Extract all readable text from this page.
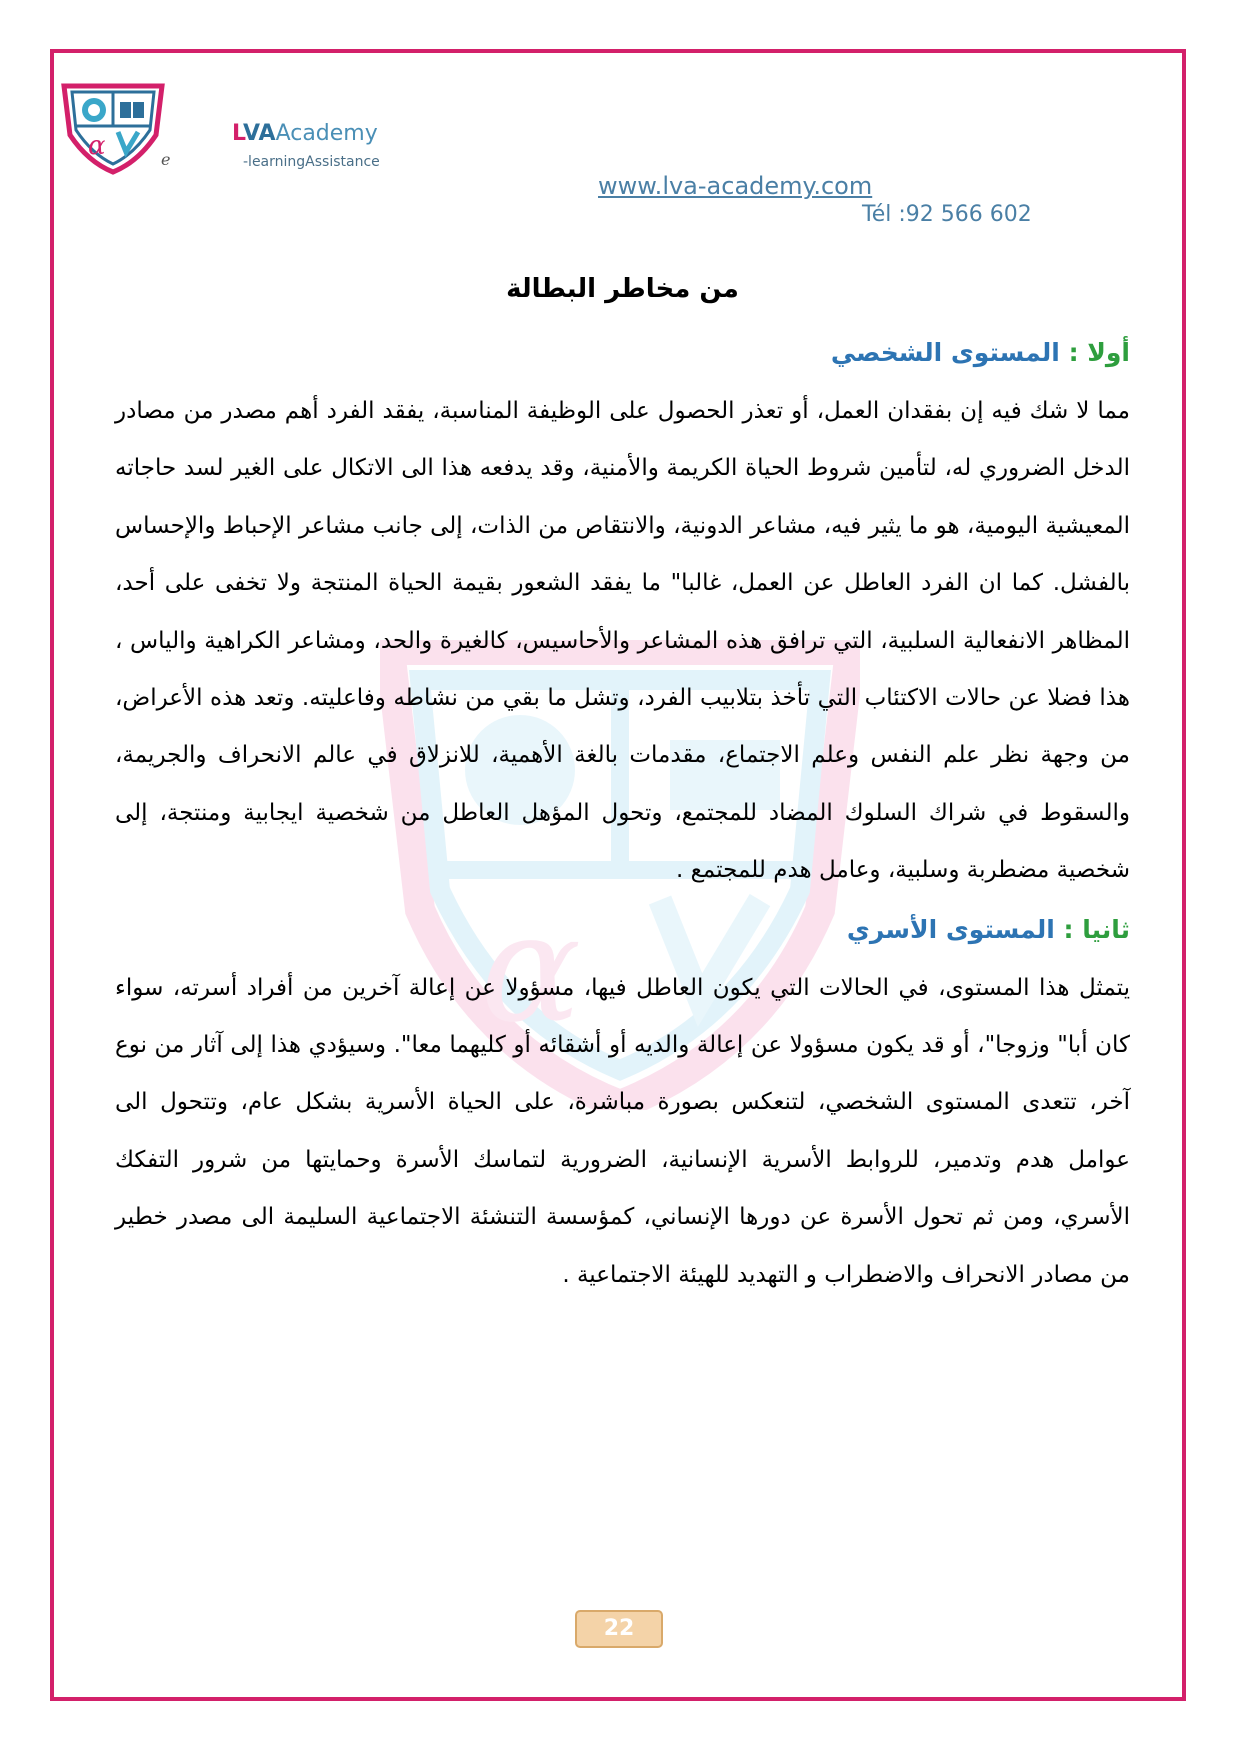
α	e
LVAAcademy
-learningAssistance
www.lva-academy.com
Tél :92 566 602
α
من مخاطر البطالة
أولا : المستوى الشخصي

مما لا شك فيه إن بفقدان العمل، أو تعذر الحصول على الوظيفة المناسبة، يفقد الفرد أهم مصدر من مصادر الدخل الضروري له، لتأمين شروط الحياة الكريمة والأمنية، وقد يدفعه هذا الى الاتكال على الغير لسد حاجاته المعيشية اليومية، هو ما يثير فيه، مشاعر الدونية، والانتقاص من الذات، إلى جانب مشاعر الإحباط والإحساس بالفشل. كما ان الفرد العاطل عن العمل، غالبا" ما يفقد الشعور بقيمة الحياة المنتجة ولا تخفى على أحد، المظاهر الانفعالية السلبية، التي ترافق هذه المشاعر والأحاسيس، كالغيرة والحد، ومشاعر الكراهية والياس ، هذا فضلا عن حالات الاكتئاب التي تأخذ بتلابيب الفرد، وتشل ما بقي من نشاطه وفاعليته. وتعد هذه الأعراض، من وجهة نظر علم النفس وعلم الاجتماع، مقدمات بالغة الأهمية، للانزلاق في عالم الانحراف والجريمة، والسقوط في شراك السلوك المضاد للمجتمع، وتحول المؤهل العاطل من شخصية ايجابية ومنتجة، إلى شخصية مضطربة وسلبية، وعامل هدم للمجتمع .

ثانيا : المستوى الأسري

يتمثل هذا المستوى، في الحالات التي يكون العاطل فيها، مسؤولا عن إعالة آخرين من أفراد أسرته، سواء كان أبا" وزوجا"، أو قد يكون مسؤولا عن إعالة والديه أو أشقائه أو كليهما معا". وسيؤدي هذا إلى آثار من نوع آخر، تتعدى المستوى الشخصي، لتنعكس بصورة مباشرة، على الحياة الأسرية بشكل عام، وتتحول الى عوامل هدم وتدمير، للروابط الأسرية الإنسانية، الضرورية لتماسك الأسرة وحمايتها من شرور التفكك الأسري، ومن ثم تحول الأسرة عن دورها الإنساني، كمؤسسة التنشئة الاجتماعية السليمة الى مصدر خطير من مصادر الانحراف والاضطراب و التهديد للهيئة الاجتماعية .

22
